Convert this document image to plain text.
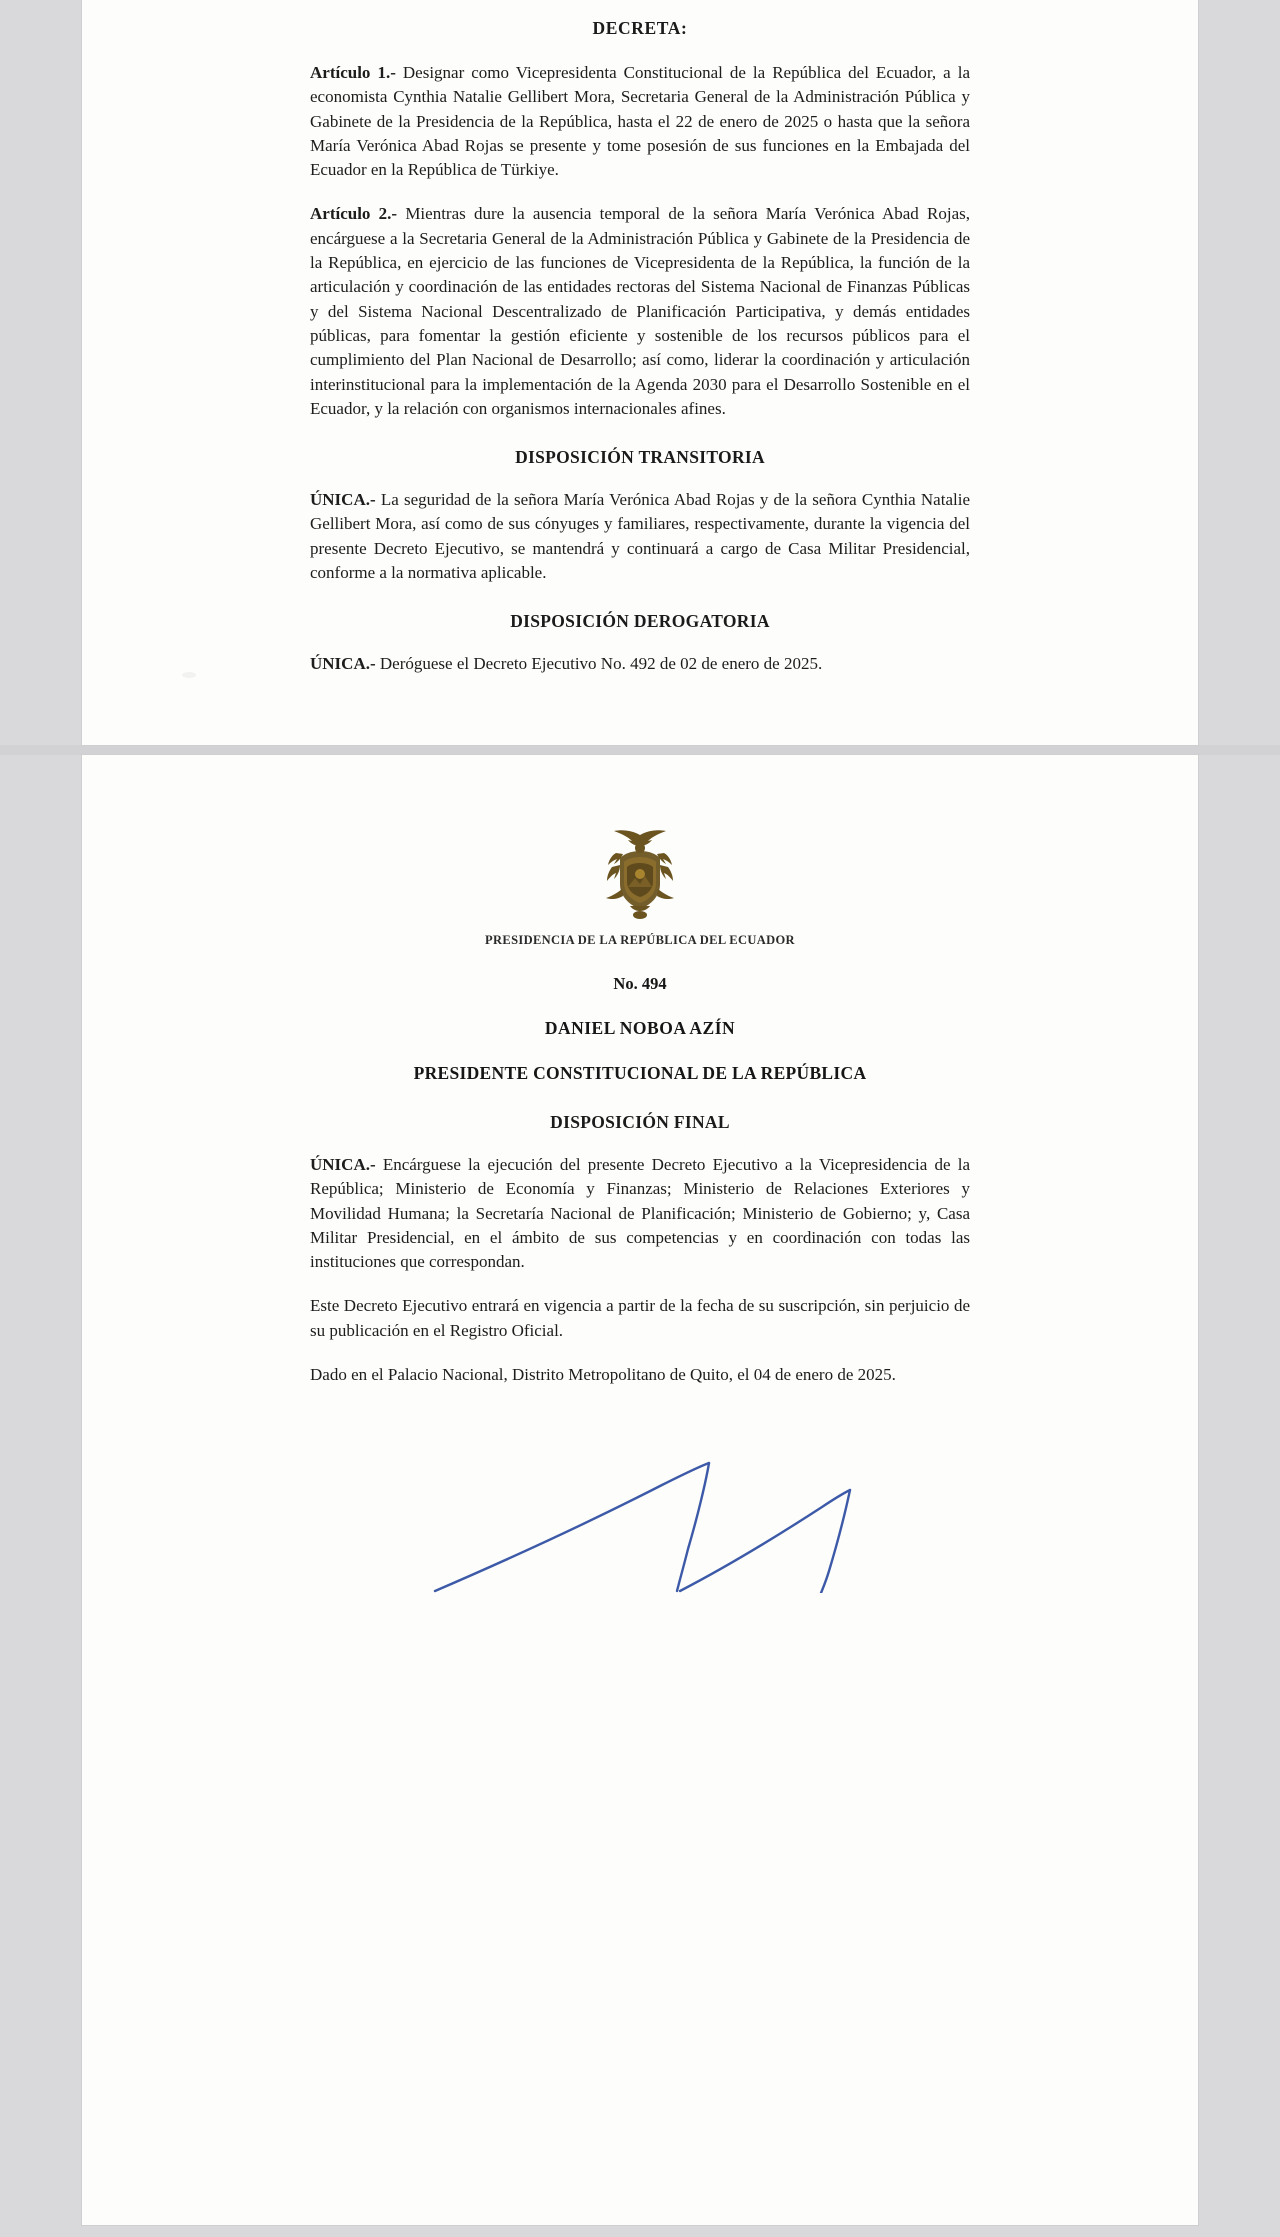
DECRETA:

Artículo 1.- Designar como Vicepresidenta Constitucional de la República del Ecuador, a la economista Cynthia Natalie Gellibert Mora, Secretaria General de la Administración Pública y Gabinete de la Presidencia de la República, hasta el 22 de enero de 2025 o hasta que la señora María Verónica Abad Rojas se presente y tome posesión de sus funciones en la Embajada del Ecuador en la República de Türkiye.

Artículo 2.- Mientras dure la ausencia temporal de la señora María Verónica Abad Rojas, encárguese a la Secretaria General de la Administración Pública y Gabinete de la Presidencia de la República, en ejercicio de las funciones de Vicepresidenta de la República, la función de la articulación y coordinación de las entidades rectoras del Sistema Nacional de Finanzas Públicas y del Sistema Nacional Descentralizado de Planificación Participativa, y demás entidades públicas, para fomentar la gestión eficiente y sostenible de los recursos públicos para el cumplimiento del Plan Nacional de Desarrollo; así como, liderar la coordinación y articulación interinstitucional para la implementación de la Agenda 2030 para el Desarrollo Sostenible en el Ecuador, y la relación con organismos internacionales afines.

DISPOSICIÓN TRANSITORIA

ÚNICA.- La seguridad de la señora María Verónica Abad Rojas y de la señora Cynthia Natalie Gellibert Mora, así como de sus cónyuges y familiares, respectivamente, durante la vigencia del presente Decreto Ejecutivo, se mantendrá y continuará a cargo de Casa Militar Presidencial, conforme a la normativa aplicable.

DISPOSICIÓN DEROGATORIA

ÚNICA.- Deróguese el Decreto Ejecutivo No. 492 de 02 de enero de 2025.

PRESIDENCIA DE LA REPÚBLICA DEL ECUADOR
No. 494
DANIEL NOBOA AZÍN
PRESIDENTE CONSTITUCIONAL DE LA REPÚBLICA
DISPOSICIÓN FINAL

ÚNICA.- Encárguese la ejecución del presente Decreto Ejecutivo a la Vicepresidencia de la República; Ministerio de Economía y Finanzas; Ministerio de Relaciones Exteriores y Movilidad Humana; la Secretaría Nacional de Planificación; Ministerio de Gobierno; y, Casa Militar Presidencial, en el ámbito de sus competencias y en coordinación con todas las instituciones que correspondan.

Este Decreto Ejecutivo entrará en vigencia a partir de la fecha de su suscripción, sin perjuicio de su publicación en el Registro Oficial.

Dado en el Palacio Nacional, Distrito Metropolitano de Quito, el 04 de enero de 2025.
